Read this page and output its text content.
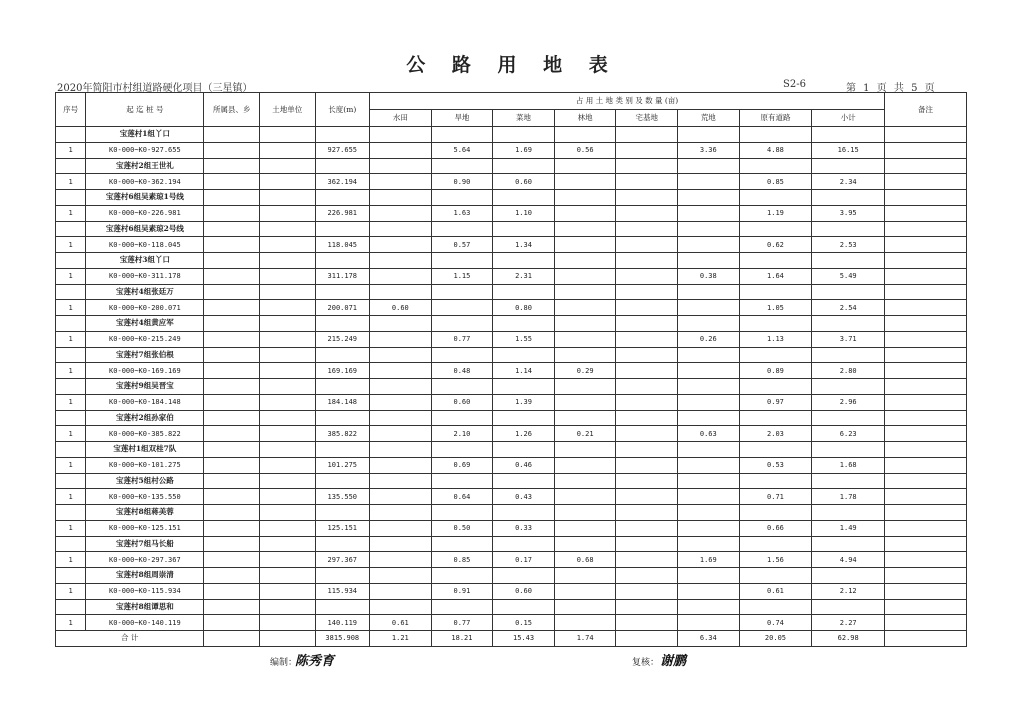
公 路 用 地 表
2020年简阳市村组道路硬化项目（三星镇）	S2-6	第 1 页 共 5 页
序号	起 迄 桩 号	所属县、乡	土地单位	长度(m)	占 用 土 地 类 别 及 数 量 (亩)								备注
					水田	旱地	菜地	林地	宅基地	荒地	原有道路	小计	
	宝莲村1组丫口												
1	K0-000~K0-927.655			927.655		5.64	1.69	0.56		3.36	4.88	16.15	
	宝莲村2组王世礼												
1	K0-000~K0-362.194			362.194		0.90	0.60				0.85	2.34	
	宝莲村6组吴素琼1号线												
1	K0-000~K0-226.981			226.981		1.63	1.10				1.19	3.95	
	宝莲村6组吴素琼2号线												
1	K0-000~K0-118.045			118.045		0.57	1.34				0.62	2.53	
	宝莲村3组丫口												
1	K0-000~K0-311.178			311.178		1.15	2.31			0.38	1.64	5.49	
	宝莲村4组张廷万												
1	K0-000~K0-200.071			200.071	0.60		0.80				1.05	2.54	
	宝莲村4组黄应军												
1	K0-000~K0-215.249			215.249		0.77	1.55			0.26	1.13	3.71	
	宝莲村7组张伯根												
1	K0-000~K0-169.169			169.169		0.48	1.14	0.29			0.89	2.80	
	宝莲村9组吴晋宝												
1	K0-000~K0-184.148			184.148		0.60	1.39				0.97	2.96	
	宝莲村2组孙家伯												
1	K0-000~K0-385.822			385.822		2.10	1.26	0.21		0.63	2.03	6.23	
	宝莲村1组双桂7队												
1	K0-000~K0-101.275			101.275		0.69	0.46				0.53	1.68	
	宝莲村5组村公路												
1	K0-000~K0-135.550			135.550		0.64	0.43				0.71	1.78	
	宝莲村8组蒋美蓉												
1	K0-000~K0-125.151			125.151		0.50	0.33				0.66	1.49	
	宝莲村7组马长船												
1	K0-000~K0-297.367			297.367		0.85	0.17	0.68		1.69	1.56	4.94	
	宝莲村8组周崇清												
1	K0-000~K0-115.934			115.934		0.91	0.60				0.61	2.12	
	宝莲村8组谭思和												
1	K0-000~K0-140.119			140.119	0.61	0.77	0.15				0.74	2.27	
合 计				3815.908	1.21	18.21	15.43	1.74		6.34	20.05	62.98	
编制：
陈秀育	复核： 谢鹏
